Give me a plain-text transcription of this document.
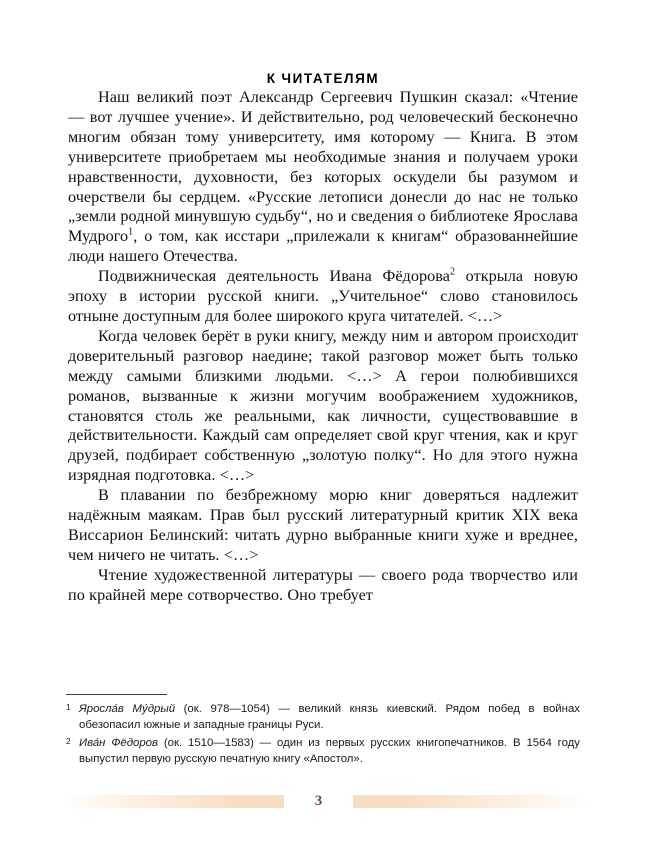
К ЧИТАТЕЛЯМ

Наш великий поэт Александр Сергеевич Пушкин сказал: «Чтение — вот лучшее учение». И действительно, род человеческий бесконечно многим обязан тому университету, имя которому — Книга. В этом университете приобретаем мы необходимые знания и получаем уроки нравственности, духовности, без которых оскудели бы разумом и очерствели бы сердцем. «Русские летописи донесли до нас не только „земли родной минувшую судьбу“, но и сведения о библиотеке Ярослава Мудрого$^1$, о том, как исстари „прилежали к книгам“ образованнейшие люди нашего Отечества.

Подвижническая деятельность Ивана Фёдорова$^2$ открыла новую эпоху в истории русской книги. „Учительное“ слово становилось отныне доступным для более широкого круга читателей. <…>

Когда человек берёт в руки книгу, между ним и автором происходит доверительный разговор наедине; такой разговор может быть только между самыми близкими людьми. <…> А герои полюбившихся романов, вызванные к жизни могучим воображением художников, становятся столь же реальными, как личности, существовавшие в действительности. Каждый сам определяет свой круг чтения, как и круг друзей, подбирает собственную „золотую полку“. Но для этого нужна изрядная подготовка. <…>

В плавании по безбрежному морю книг доверяться надлежит надёжным маякам. Прав был русский литературный критик XIX века Виссарион Белинский: читать дурно выбранные книги хуже и вреднее, чем ничего не читать. <…>

Чтение художественной литературы — своего рода творчество или по крайней мере сотворчество. Оно требует

1 Яросла́в Му́дрый (ок. 978—1054) — великий князь киевский. Рядом побед в войнах обезопасил южные и западные границы Руси.

2 Ива́н Фёдоров (ок. 1510—1583) — один из первых русских книгопечатников. В 1564 году выпустил первую русскую печатную книгу «Апостол».

3
